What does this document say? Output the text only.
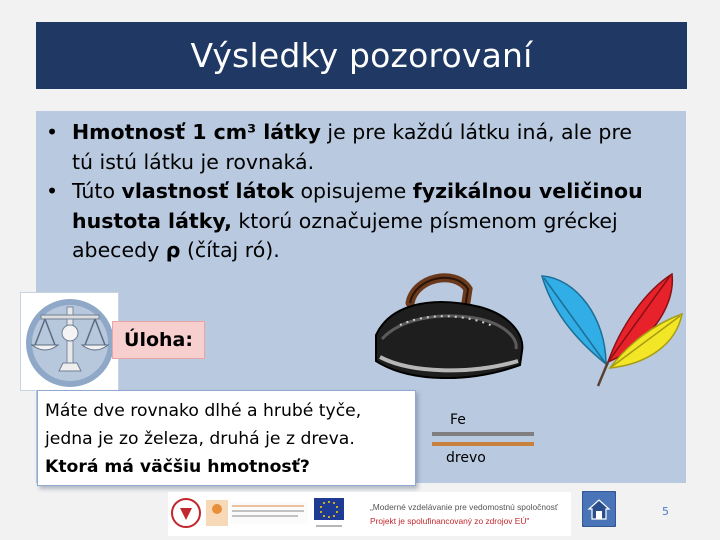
Výsledky pozorovaní
• Hmotnosť 1 cm³ látky je pre každú látku iná, ale pre
tú istú látku je rovnaká.
• Túto vlastnosť látok opisujeme fyzikálnou veličinou
hustota látky, ktorú označujeme písmenom gréckej
abecedy ρ (čítaj ró).
Úloha:
Máte dve rovnako dlhé a hrubé tyče,
jedna je zo železa, druhá je z dreva.
Ktorá má väčšiu hmotnosť?
Fe
drevo
„Moderné vzdelávanie pre vedomostnú spoločnosť
Projekt je spolufinancovaný zo zdrojov EÚ"
5
